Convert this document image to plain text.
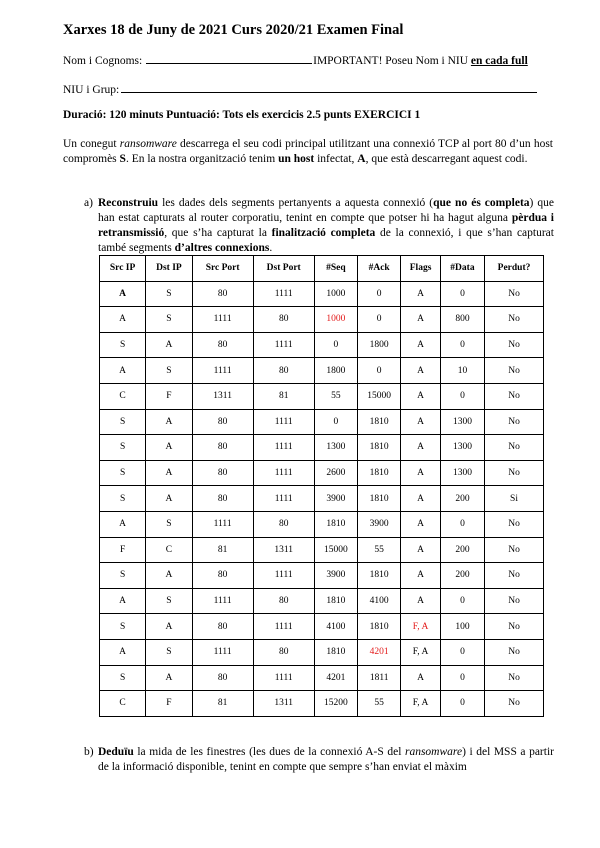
Xarxes 18 de Juny de 2021 Curs 2020/21 Examen Final
Nom i Cognoms:	IMPORTANT! Poseu Nom i NIU en cada full
NIU i Grup:
Duració: 120 minuts Puntuació: Tots els exercicis 2.5 punts EXERCICI 1
Un conegut ransomware descarrega el seu codi principal utilitzant una connexió TCP al port 80 d’un host compromès S. En la nostra organització tenim un host infectat, A, que està descarregant aquest codi.
a) Reconstruiu les dades dels segments pertanyents a aquesta connexió (que no és completa) que han estat capturats al router corporatiu, tenint en compte que potser hi ha hagut alguna pèrdua i retransmissió, que s’ha capturat la finalització completa de la connexió, i que s’han capturat també segments d’altres connexions.
Src IP	Dst IP	Src Port	Dst Port	#Seq	#Ack	Flags	#Data	Perdut?
A	S	80	1111	1000	0	A	0	No
A	S	1111	80	1000	0	A	800	No
S	A	80	1111	0	1800	A	0	No
A	S	1111	80	1800	0	A	10	No
C	F	1311	81	55	15000	A	0	No
S	A	80	1111	0	1810	A	1300	No
S	A	80	1111	1300	1810	A	1300	No
S	A	80	1111	2600	1810	A	1300	No
S	A	80	1111	3900	1810	A	200	Si
A	S	1111	80	1810	3900	A	0	No
F	C	81	1311	15000	55	A	200	No
S	A	80	1111	3900	1810	A	200	No
A	S	1111	80	1810	4100	A	0	No
S	A	80	1111	4100	1810	F, A	100	No
A	S	1111	80	1810	4201	F, A	0	No
S	A	80	1111	4201	1811	A	0	No
C	F	81	1311	15200	55	F, A	0	No
b) Deduïu la mida de les finestres (les dues de la connexió A-S del ransomware) i del MSS a partir de la informació disponible, tenint en compte que sempre s’han enviat el màxim
